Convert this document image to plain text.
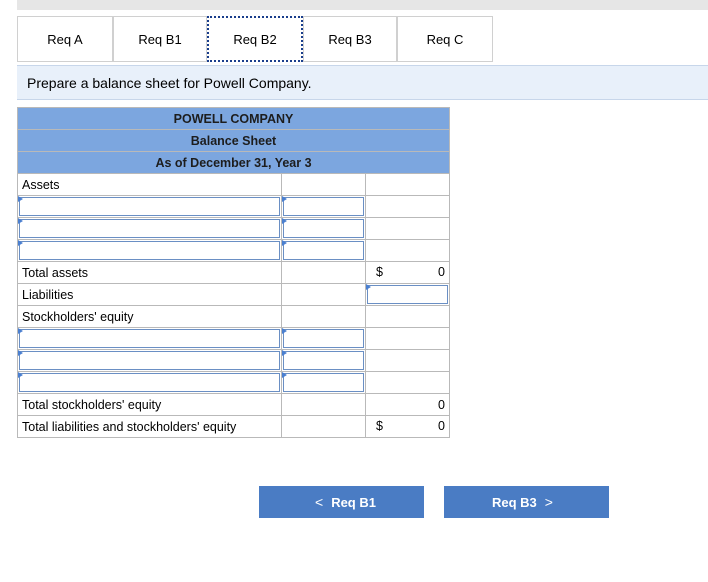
Req A	Req B1	Req B2	Req B3	Req C
Prepare a balance sheet for Powell Company.
POWELL COMPANY		
Balance Sheet		
As of December 31, Year 3		
Assets		

Total assets		$ 0

Liabilities		

Stockholders' equity		

Total stockholders' equity		0
Total liabilities and stockholders' equity		$ 0
< Req B1	Req B3 >
